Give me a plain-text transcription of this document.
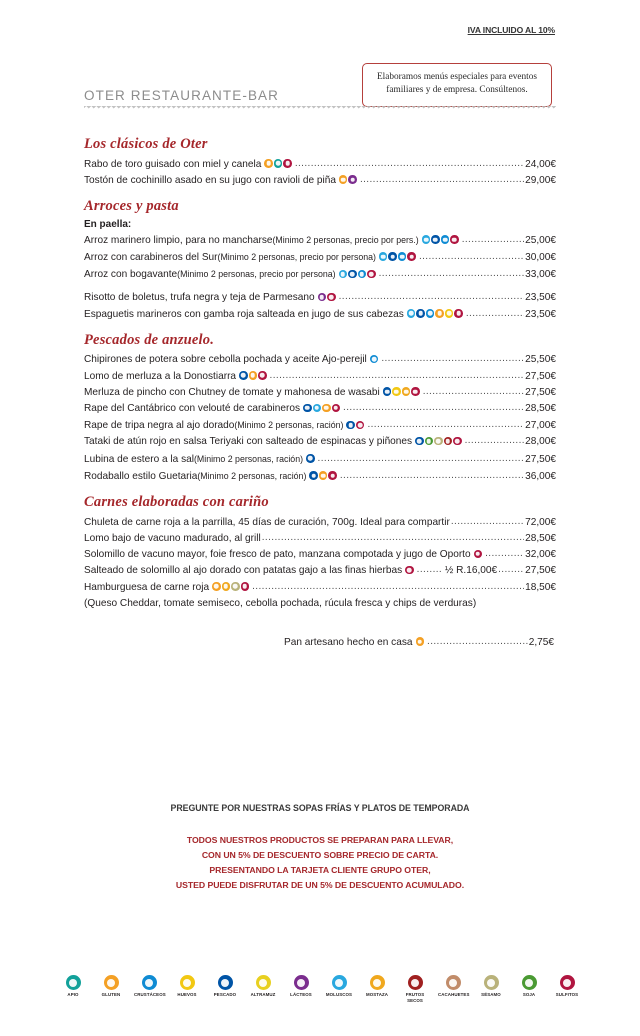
IVA INCLUIDO AL 10%
Elaboramos menús especiales para eventos familiares y de empresa. Consúltenos.
OTER RESTAURANTE-BAR
Los clásicos de Oter
Rabo de toro guisado con miel y canela .....	24,00€
Tostón de cochinillo asado en su jugo con ravioli de piña .....	29,00€
Arroces y pasta
En paella:
Arroz marinero limpio, para no mancharse (Minimo 2 personas, precio por pers.) .....	25,00€
Arroz con carabineros del Sur (Minimo 2 personas, precio por persona) .....	30,00€
Arroz con bogavante (Minimo 2 personas, precio por persona) .....	33,00€
Risotto de boletus, trufa negra y teja de Parmesano .....	23,50€
Espaguetis marineros con gamba roja salteada en jugo de sus cabezas .....	23,50€
Pescados de anzuelo.
Chipirones de potera sobre cebolla pochada y aceite Ajo-perejil .....	25,50€
Lomo de merluza a la Donostiarra .....	27,50€
Merluza de pincho con Chutney de tomate y mahonesa de wasabi .....	27,50€
Rape del Cantábrico con velouté de carabineros .....	28,50€
Rape de tripa negra al ajo dorado (Minimo 2 personas, ración) .....	27,00€
Tataki de atún rojo en salsa Teriyaki con salteado de espinacas y piñones .....	28,00€
Lubina de estero a la sal (Minimo 2 personas, ración) .....	27,50€
Rodaballo estilo Guetaria (Minimo 2 personas, ración) .....	36,00€
Carnes elaboradas con cariño
Chuleta de carne roja a la parrilla, 45 días de curación, 700g. Ideal para compartir .....	72,00€
Lomo bajo de vacuno madurado, al grill .....	28,50€
Solomillo de vacuno mayor, foie fresco de pato, manzana compotada y jugo de Oporto .....	32,00€
Salteado de solomillo al ajo dorado con patatas gajo a las finas hierbas .....	½ R.16,00€ .....	27,50€
Hamburguesa de carne roja .....	18,50€
(Queso Cheddar, tomate semiseco, cebolla pochada, rúcula fresca y chips de verduras)
Pan artesano hecho en casa .....	2,75€
PREGUNTE POR NUESTRAS SOPAS FRÍAS Y PLATOS DE TEMPORADA
TODOS NUESTROS PRODUCTOS SE PREPARAN PARA LLEVAR,
CON UN 5% DE DESCUENTO SOBRE PRECIO DE CARTA.
PRESENTANDO LA TARJETA CLIENTE GRUPO OTER,
USTED PUEDE DISFRUTAR DE UN 5% DE DESCUENTO ACUMULADO.
APIO	GLUTEN	CRUSTÁCEOS	HUEVOS	PESCADO	ALTRAMUZ	LÁCTEOS	MOLUSCOS	MOSTAZA	FRUTOS SECOS
CACAHUETES	SÉSAMO	SOJA	SULFITOS
